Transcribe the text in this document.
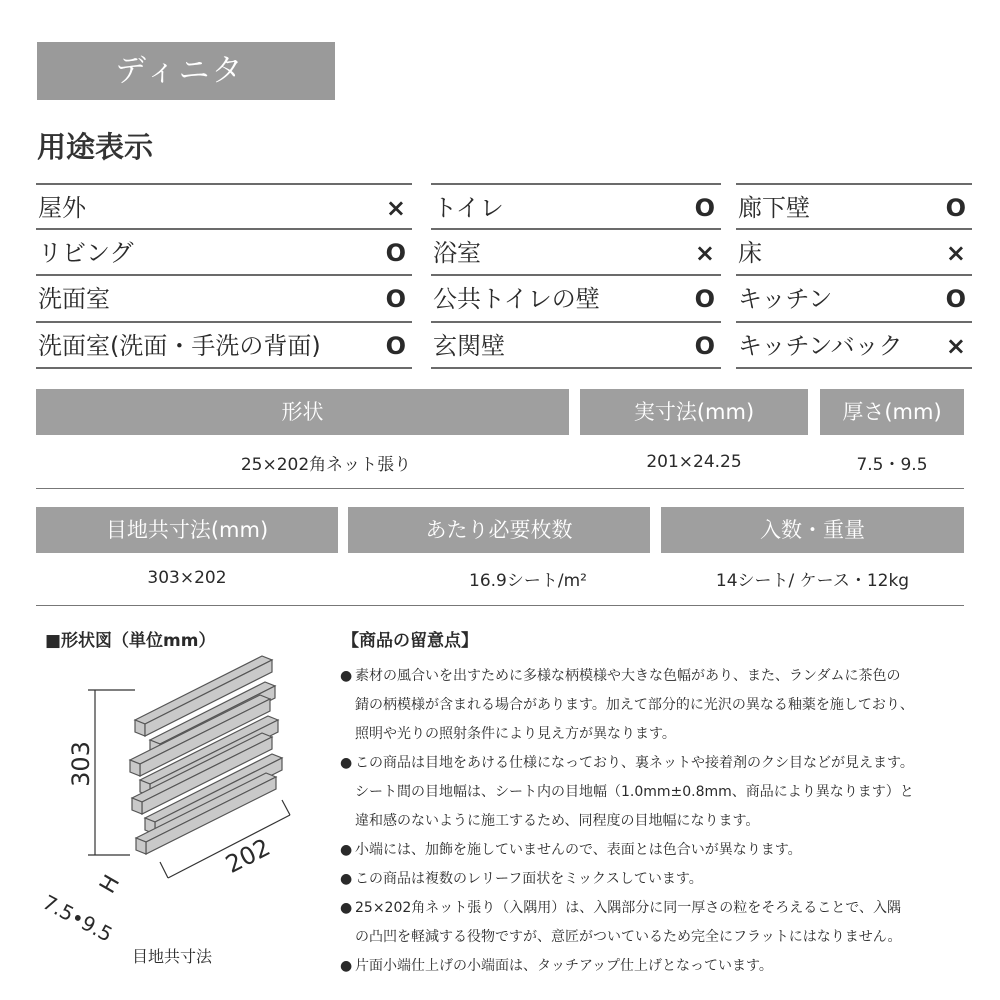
ディニタ
用途表示
屋外	×
リビング	O
洗面室	O
洗面室(洗面・手洗の背面)	O
トイレ	O
浴室	×
公共トイレの壁	O
玄関壁	O
廊下壁	O
床	×
キッチン	O
キッチンバック ×
形状	実寸法(mm)	厚さ(mm)
25×202角ネット張り	201×24.25	7.5・9.5
目地共寸法(mm)	あたり必要枚数	入数・重量
303×202	16.9シート/m²	14シート/ ケース・12kg
■形状図（単位mm）	【商品の留意点】
303
202
H
7.5•9.5
目地共寸法
● 素材の風合いを出すために多様な柄模様や大きな色幅があり、また、ランダムに茶色の
錆の柄模様が含まれる場合があります。加えて部分的に光沢の異なる釉薬を施しており、
照明や光りの照射条件により見え方が異なります。
● この商品は目地をあける仕様になっており、裏ネットや接着剤のクシ目などが見えます。
シート間の目地幅は、シート内の目地幅（1.0mm±0.8mm、商品により異なります）と
違和感のないように施工するため、同程度の目地幅になります。
● 小端には、加飾を施していませんので、表面とは色合いが異なります。
● この商品は複数のレリーフ面状をミックスしています。
● 25×202角ネット張り（入隅用）は、入隅部分に同一厚さの粒をそろえることで、入隅
の凸凹を軽減する役物ですが、意匠がついているため完全にフラットにはなりません。
● 片面小端仕上げの小端面は、タッチアップ仕上げとなっています。
